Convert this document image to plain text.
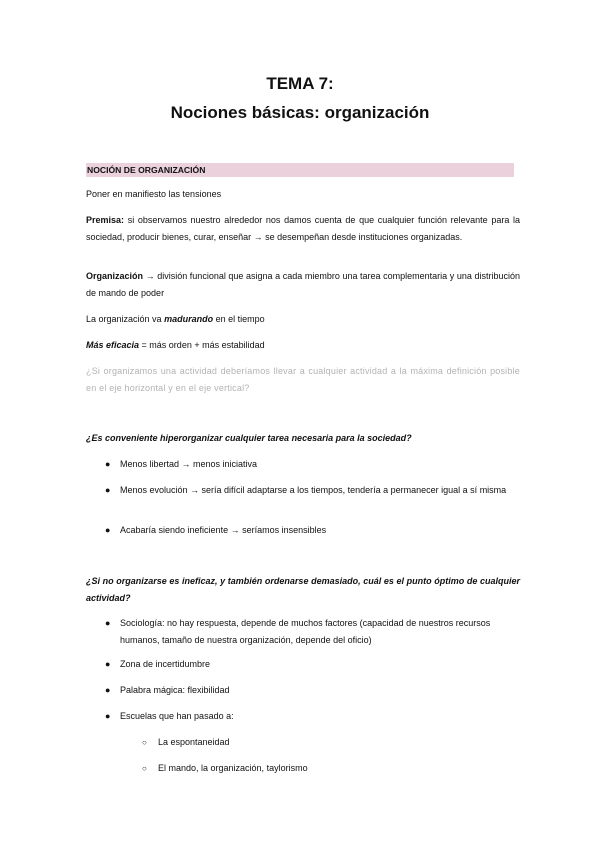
TEMA 7:
Nociones básicas: organización
NOCIÓN DE ORGANIZACIÓN
Poner en manifiesto las tensiones
Premisa: si observamos nuestro alrededor nos damos cuenta de que cualquier función relevante para la sociedad, producir bienes, curar, enseñar → se desempeñan desde instituciones organizadas.
Organización → división funcional que asigna a cada miembro una tarea complementaria y una distribución de mando de poder
La organización va madurando en el tiempo
Más eficacia = más orden + más estabilidad
¿Si organizamos una actividad deberíamos llevar a cualquier actividad a la máxima definición posible en el eje horizontal y en el eje vertical?
¿Es conveniente hiperorganizar cualquier tarea necesaria para la sociedad?
● Menos libertad → menos iniciativa
● Menos evolución → sería difícil adaptarse a los tiempos, tendería a permanecer igual a sí misma
● Acabaría siendo ineficiente → seríamos insensibles
¿Si no organizarse es ineficaz, y también ordenarse demasiado, cuál es el punto óptimo de cualquier actividad?
● Sociología: no hay respuesta, depende de muchos factores (capacidad de nuestros recursos humanos, tamaño de nuestra organización, depende del oficio)
● Zona de incertidumbre
● Palabra mágica: flexibilidad
● Escuelas que han pasado a:
○ La espontaneidad
○ El mando, la organización, taylorismo
